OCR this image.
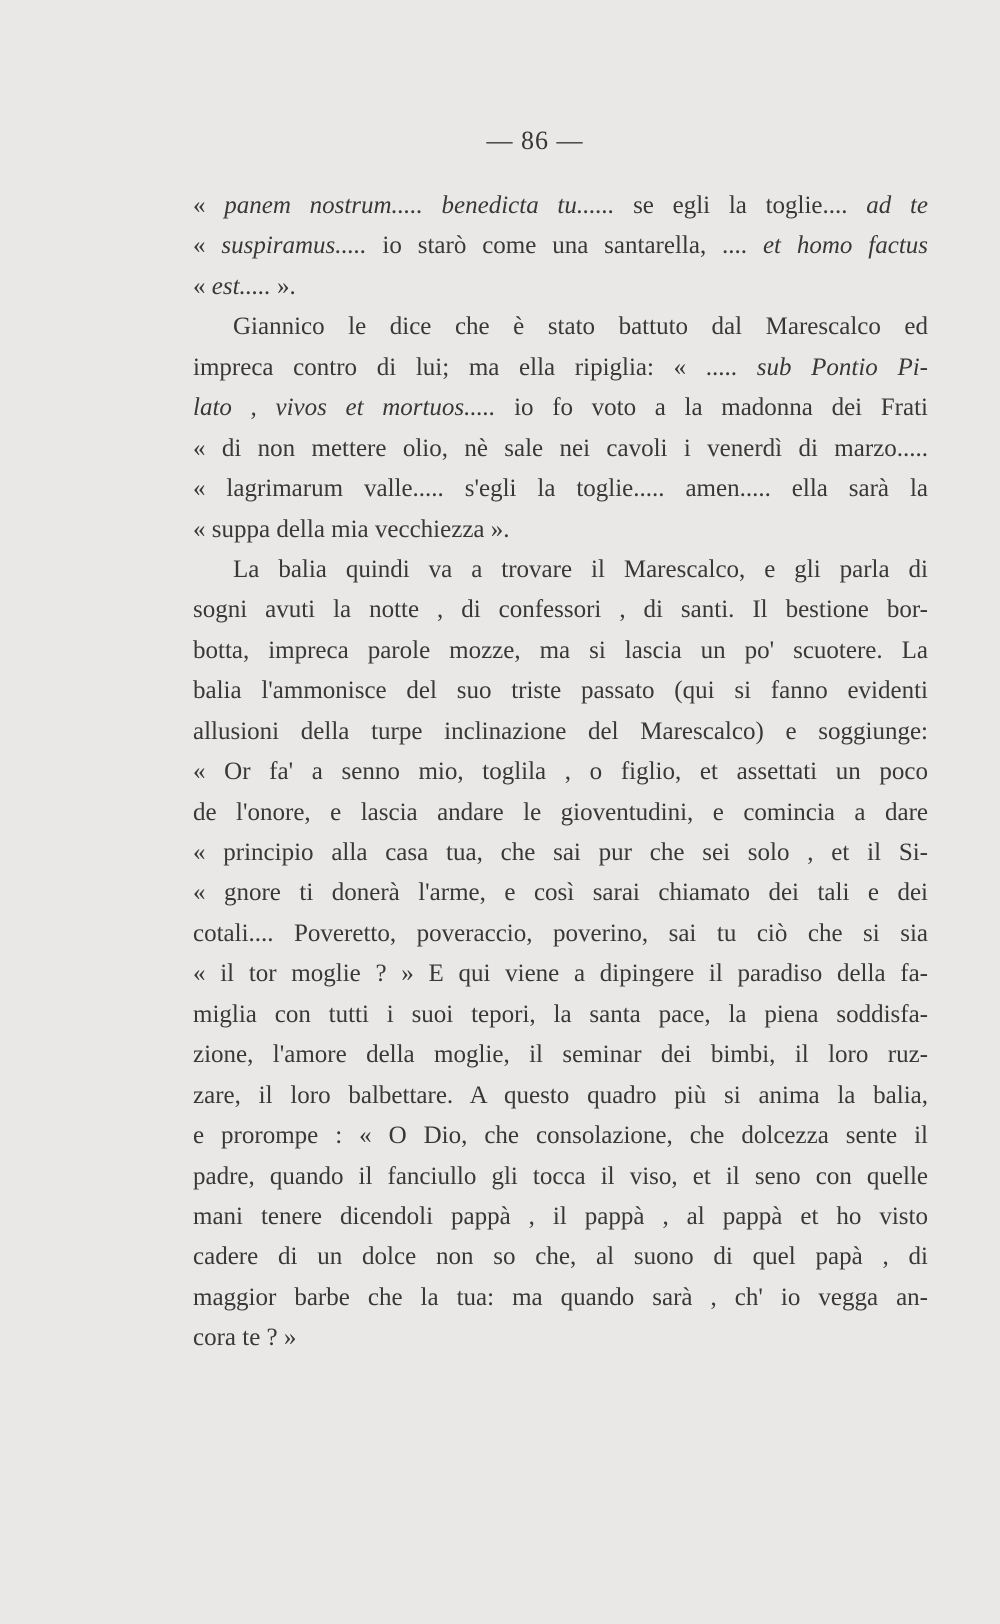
— 86 —
« panem nostrum..... benedicta tu...... se egli la toglie.... ad te
« suspiramus..... io starò come una santarella, .... et homo factus
« est..... ».
Giannico le dice che è stato battuto dal Marescalco ed
impreca contro di lui; ma ella ripiglia: « ..... sub Pontio Pi-
lato , vivos et mortuos..... io fo voto a la madonna dei Frati
« di non mettere olio, nè sale nei cavoli i venerdì di marzo.....
« lagrimarum valle..... s'egli la toglie..... amen..... ella sarà la
« suppa della mia vecchiezza ».
La balia quindi va a trovare il Marescalco, e gli parla di
sogni avuti la notte , di confessori , di santi. Il bestione bor-
botta, impreca parole mozze, ma si lascia un po' scuotere. La
balia l'ammonisce del suo triste passato (qui si fanno evidenti
allusioni della turpe inclinazione del Marescalco) e soggiunge:
« Or fa' a senno mio, toglila , o figlio, et assettati un poco
de l'onore, e lascia andare le gioventudini, e comincia a dare
« principio alla casa tua, che sai pur che sei solo , et il Si-
« gnore ti donerà l'arme, e così sarai chiamato dei tali e dei
cotali.... Poveretto, poveraccio, poverino, sai tu ciò che si sia
« il tor moglie ? » E qui viene a dipingere il paradiso della fa-
miglia con tutti i suoi tepori, la santa pace, la piena soddisfa-
zione, l'amore della moglie, il seminar dei bimbi, il loro ruz-
zare, il loro balbettare. A questo quadro più si anima la balia,
e prorompe : « O Dio, che consolazione, che dolcezza sente il
padre, quando il fanciullo gli tocca il viso, et il seno con quelle
mani tenere dicendoli pappà , il pappà , al pappà et ho visto
cadere di un dolce non so che, al suono di quel papà , di
maggior barbe che la tua: ma quando sarà , ch' io vegga an-
cora te ? »
